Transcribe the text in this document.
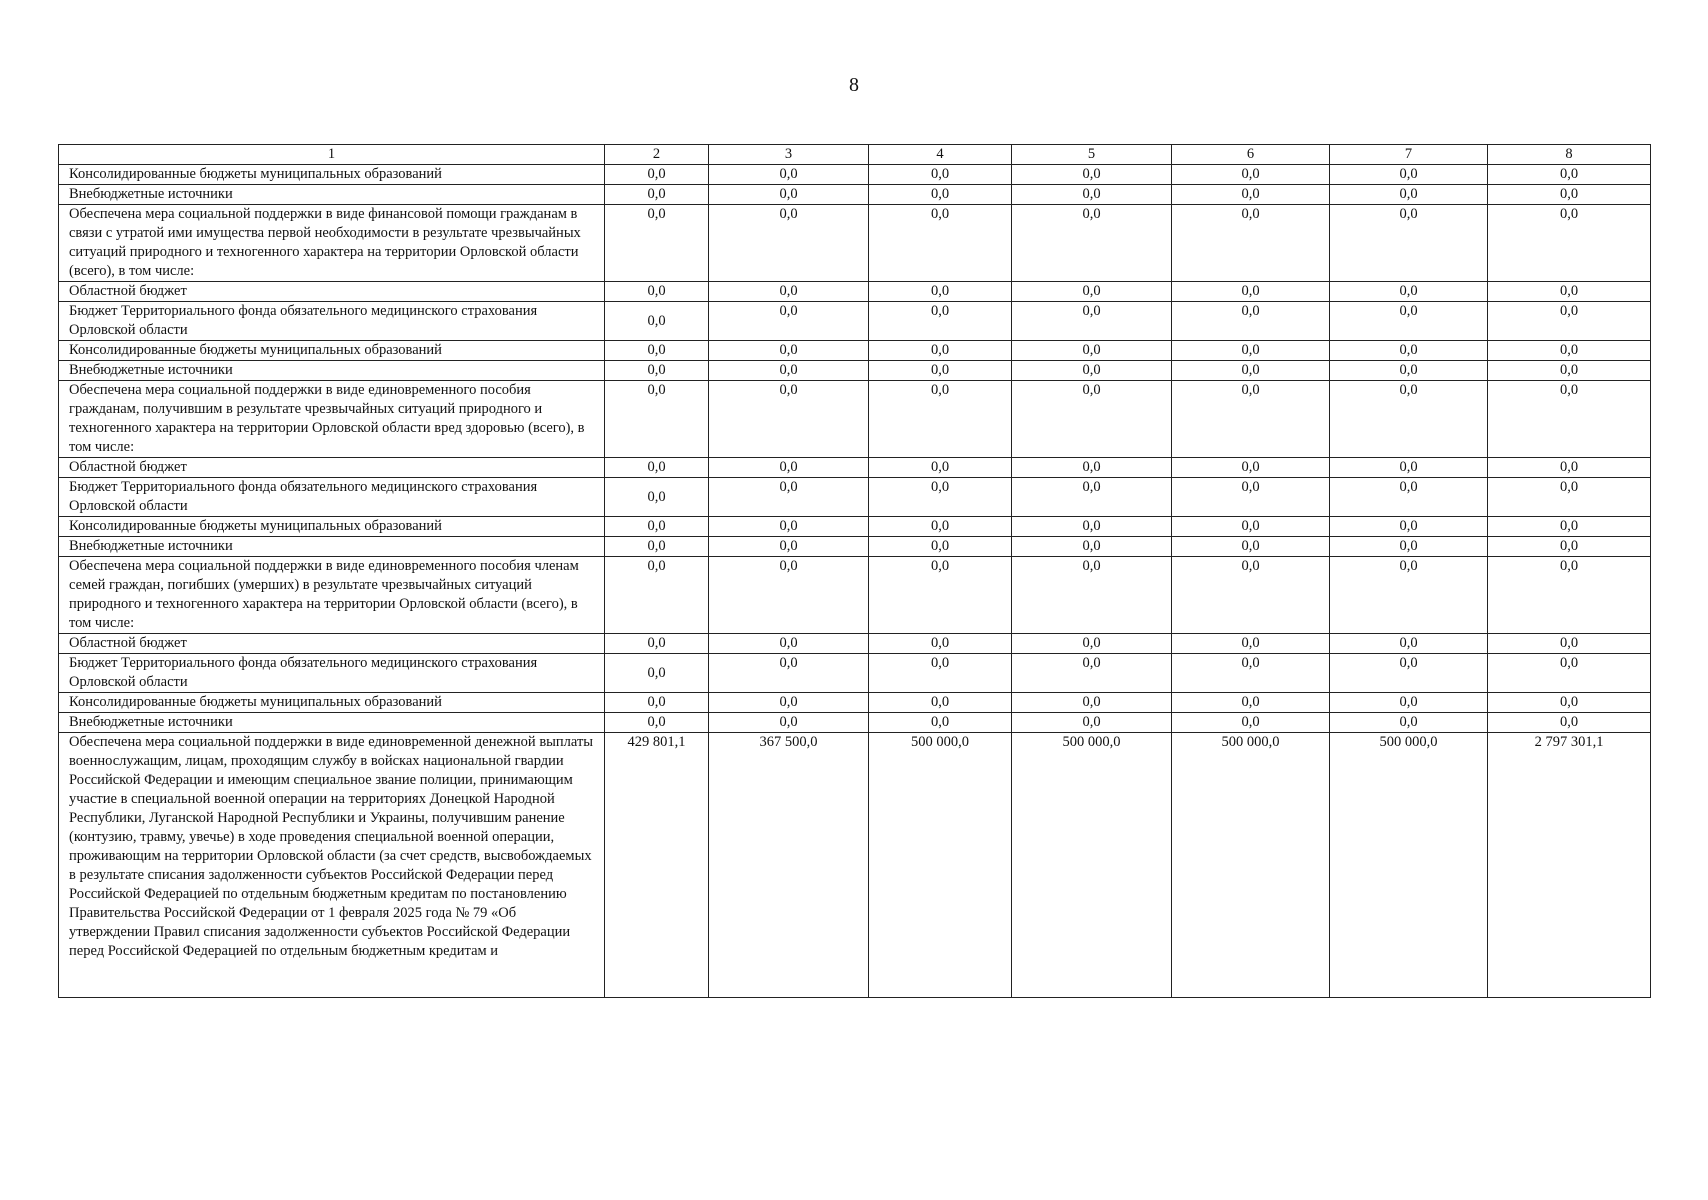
8
1	2	3	4	5	6	7	8
Консолидированные бюджеты муниципальных образований	0,0	0,0	0,0	0,0	0,0	0,0	0,0
Внебюджетные источники	0,0	0,0	0,0	0,0	0,0	0,0	0,0
Обеспечена мера социальной поддержки в виде финансовой помощи гражданам в связи с утратой ими имущества первой необходимости в результате чрезвычайных ситуаций природного и техногенного характера на территории Орловской области (всего), в том числе:	0,0	0,0	0,0	0,0	0,0	0,0	0,0
Областной бюджет	0,0	0,0	0,0	0,0	0,0	0,0	0,0
Бюджет Территориального фонда обязательного медицинского страхования Орловской области	0,0	0,0	0,0	0,0	0,0	0,0	0,0
Консолидированные бюджеты муниципальных образований	0,0	0,0	0,0	0,0	0,0	0,0	0,0
Внебюджетные источники	0,0	0,0	0,0	0,0	0,0	0,0	0,0
Обеспечена мера социальной поддержки в виде единовременного пособия гражданам, получившим в результате чрезвычайных ситуаций природного и техногенного характера на территории Орловской области вред здоровью (всего), в том числе:	0,0	0,0	0,0	0,0	0,0	0,0	0,0
Областной бюджет	0,0	0,0	0,0	0,0	0,0	0,0	0,0
Бюджет Территориального фонда обязательного медицинского страхования Орловской области	0,0	0,0	0,0	0,0	0,0	0,0	0,0
Консолидированные бюджеты муниципальных образований	0,0	0,0	0,0	0,0	0,0	0,0	0,0
Внебюджетные источники	0,0	0,0	0,0	0,0	0,0	0,0	0,0
Обеспечена мера социальной поддержки в виде единовременного пособия членам семей граждан, погибших (умерших) в результате чрезвычайных ситуаций природного и техногенного характера на территории Орловской области (всего), в том числе:	0,0	0,0	0,0	0,0	0,0	0,0	0,0
Областной бюджет	0,0	0,0	0,0	0,0	0,0	0,0	0,0
Бюджет Территориального фонда обязательного медицинского страхования Орловской области	0,0	0,0	0,0	0,0	0,0	0,0	0,0
Консолидированные бюджеты муниципальных образований	0,0	0,0	0,0	0,0	0,0	0,0	0,0
Внебюджетные источники	0,0	0,0	0,0	0,0	0,0	0,0	0,0
Обеспечена мера социальной поддержки в виде единовременной денежной выплаты военнослужащим, лицам, проходящим службу в войсках национальной гвардии Российской Федерации и имеющим специальное звание полиции, принимающим участие в специальной военной операции на территориях Донецкой Народной Республики, Луганской Народной Республики и Украины, получившим ранение (контузию, травму, увечье) в ходе проведения специальной военной операции, проживающим на территории Орловской области (за счет средств, высвобождаемых в результате списания задолженности субъектов Российской Федерации перед Российской Федерацией по отдельным бюджетным кредитам по постановлению Правительства Российской Федерации от 1 февраля 2025 года № 79 «Об утверждении Правил списания задолженности субъектов Российской Федерации перед Российской Федерацией по отдельным бюджетным кредитам и	429 801,1	367 500,0	500 000,0	500 000,0	500 000,0	500 000,0	2 797 301,1
